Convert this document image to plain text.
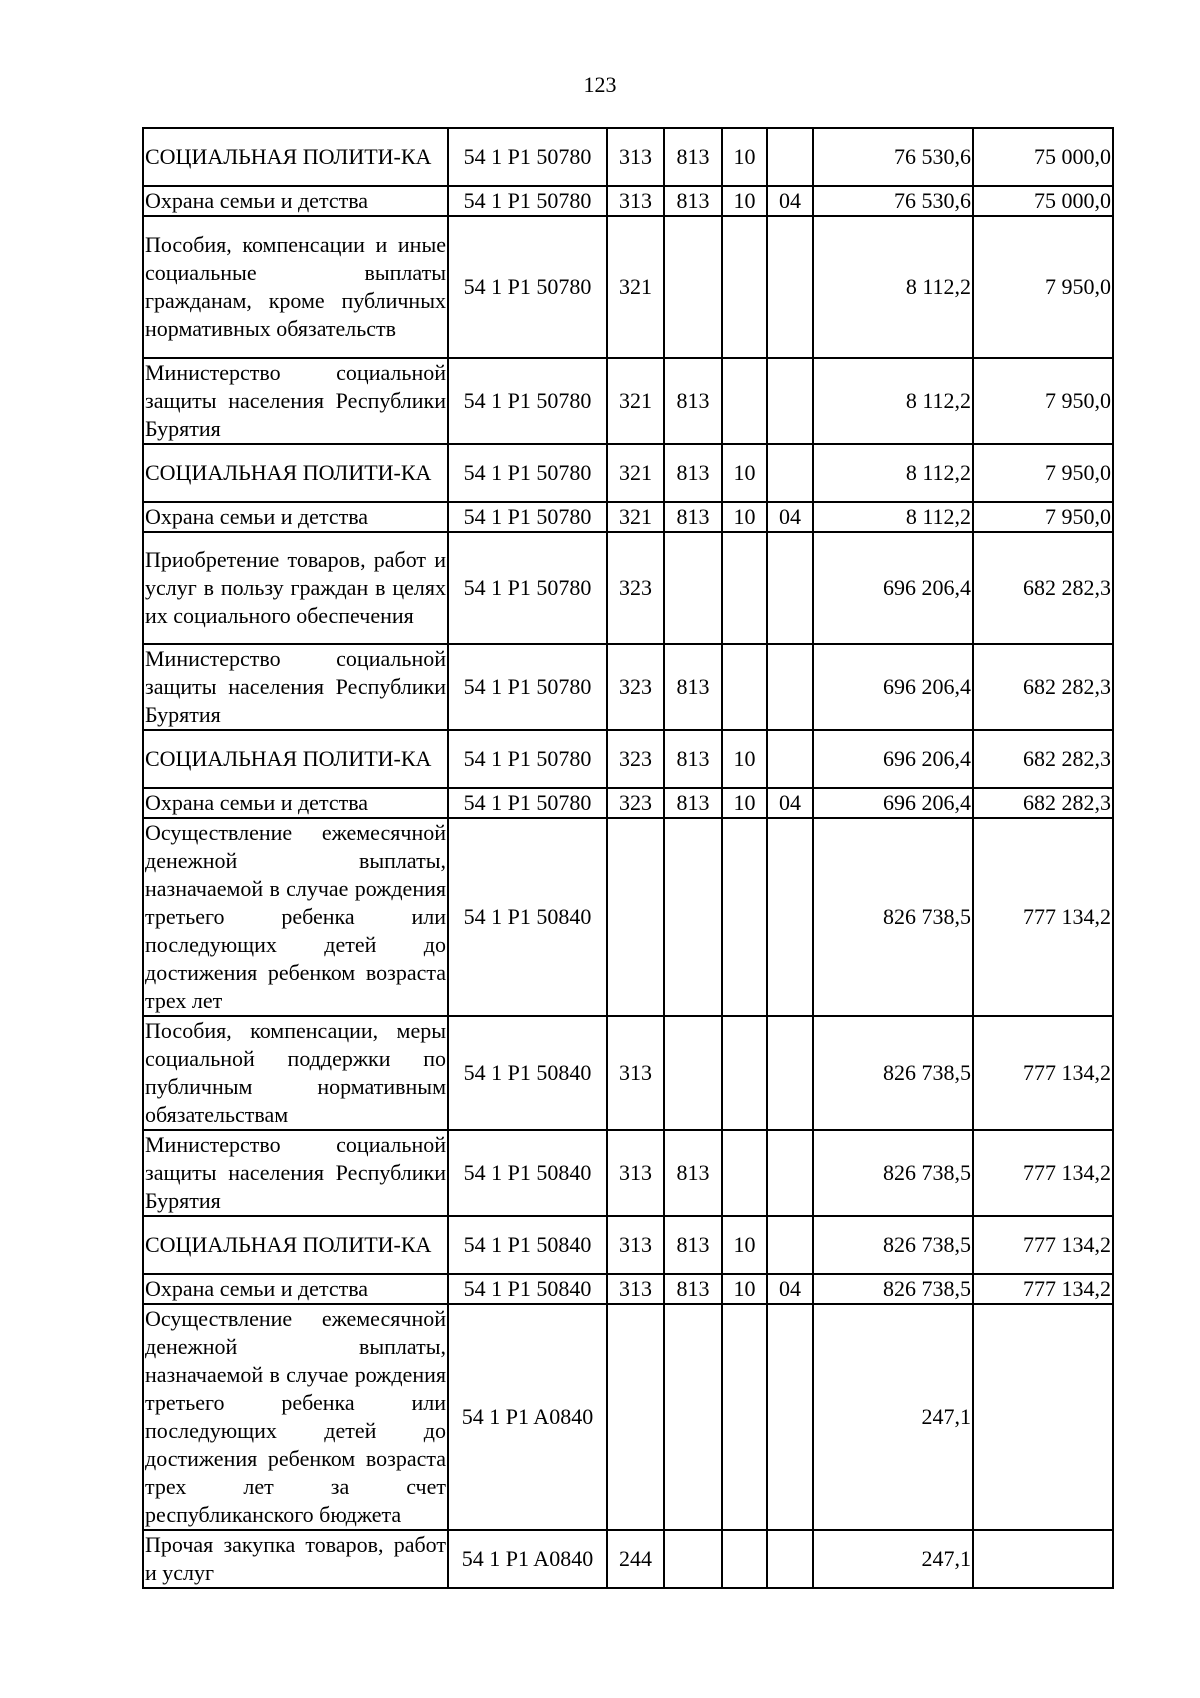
123
СОЦИАЛЬНАЯ ПОЛИТИ-КА	54 1 P1 50780	313	813	10		76 530,6	75 000,0
Охрана семьи и детства	54 1 P1 50780	313	813	10	04	76 530,6	75 000,0
Пособия, компенсации и иные социальные выплаты гражданам, кроме публичных нормативных обязательств	54 1 P1 50780	321				8 112,2	7 950,0
Министерство социальной защиты населения Республики Бурятия	54 1 P1 50780	321	813			8 112,2	7 950,0
СОЦИАЛЬНАЯ ПОЛИТИ-КА	54 1 P1 50780	321	813	10		8 112,2	7 950,0
Охрана семьи и детства	54 1 P1 50780	321	813	10	04	8 112,2	7 950,0
Приобретение товаров, работ и услуг в пользу граждан в целях их социального обеспечения	54 1 P1 50780	323				696 206,4	682 282,3
Министерство социальной защиты населения Республики Бурятия	54 1 P1 50780	323	813			696 206,4	682 282,3
СОЦИАЛЬНАЯ ПОЛИТИ-КА	54 1 P1 50780	323	813	10		696 206,4	682 282,3
Охрана семьи и детства	54 1 P1 50780	323	813	10	04	696 206,4	682 282,3
Осуществление ежемесячной денежной выплаты, назначаемой в случае рождения третьего ребенка или последующих детей до достижения ребенком возраста трех лет	54 1 P1 50840					826 738,5	777 134,2
Пособия, компенсации, меры социальной поддержки по публичным нормативным обязательствам	54 1 P1 50840	313				826 738,5	777 134,2
Министерство социальной защиты населения Республики Бурятия	54 1 P1 50840	313	813			826 738,5	777 134,2
СОЦИАЛЬНАЯ ПОЛИТИ-КА	54 1 P1 50840	313	813	10		826 738,5	777 134,2
Охрана семьи и детства	54 1 P1 50840	313	813	10	04	826 738,5	777 134,2
Осуществление ежемесячной денежной выплаты, назначаемой в случае рождения третьего ребенка или последующих детей до достижения ребенком возраста трех лет за счет республиканского бюджета	54 1 P1 A0840					247,1	
Прочая закупка товаров, работ и услуг	54 1 P1 A0840	244				247,1	
